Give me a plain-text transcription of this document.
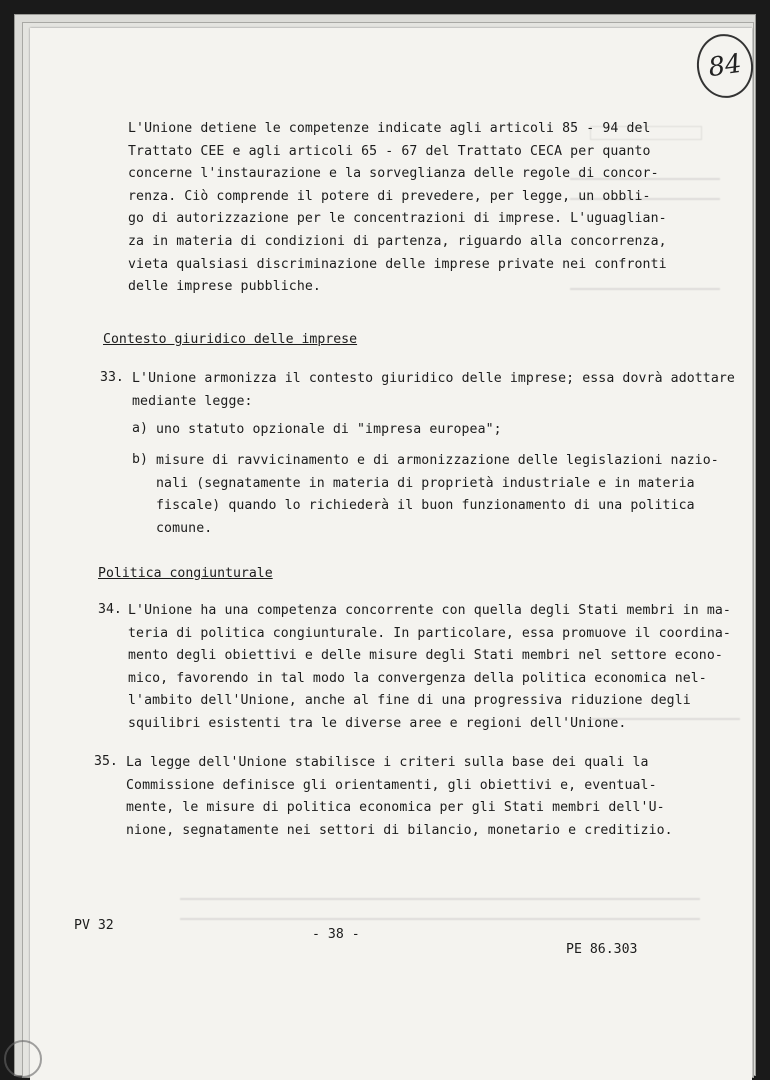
84
L'Unione detiene le competenze indicate agli articoli 85 - 94 del
Trattato CEE e agli articoli 65 - 67 del Trattato CECA per quanto
concerne l'instaurazione e la sorveglianza delle regole di concor-
renza. Ciò comprende il potere di prevedere, per legge, un obbli-
go di autorizzazione per le concentrazioni di imprese. L'uguaglian-
za in materia di condizioni di partenza, riguardo alla concorrenza,
vieta qualsiasi discriminazione delle imprese private nei confronti
delle imprese pubbliche.
Contesto giuridico delle imprese
33. L'Unione armonizza il contesto giuridico delle imprese; essa dovrà adottare
mediante legge:
a) uno statuto opzionale di "impresa europea";
b) misure di ravvicinamento e di armonizzazione delle legislazioni nazio-
nali (segnatamente in materia di proprietà industriale e in materia
fiscale) quando lo richiederà il buon funzionamento di una politica
comune.
Politica congiunturale
34. L'Unione ha una competenza concorrente con quella degli Stati membri in ma-
teria di politica congiunturale. In particolare, essa promuove il coordina-
mento degli obiettivi e delle misure degli Stati membri nel settore econo-
mico, favorendo in tal modo la convergenza della politica economica nel-
l'ambito dell'Unione, anche al fine di una progressiva riduzione degli
squilibri esistenti tra le diverse aree e regioni dell'Unione.
35. La legge dell'Unione stabilisce i criteri sulla base dei quali la
Commissione definisce gli orientamenti, gli obiettivi e, eventual-
mente, le misure di politica economica per gli Stati membri dell'U-
nione, segnatamente nei settori di bilancio, monetario e creditizio.
PV 32
- 38 -
PE 86.303
